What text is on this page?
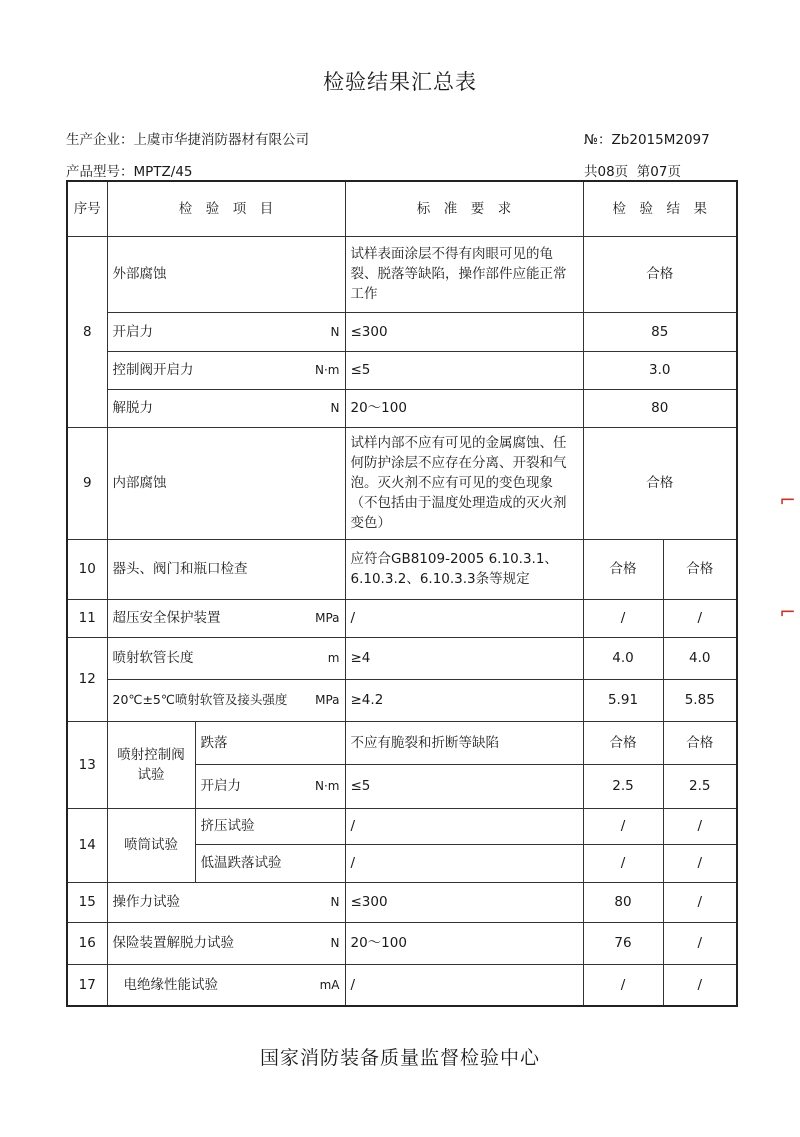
检验结果汇总表
生产企业：上虞市华捷消防器材有限公司	№：Zb2015M2097
产品型号：MPTZ/45	共08页 第07页
序号	检　验　项　目		标　准　要　求	检　验　结　果	
8	外部腐蚀		试样表面涂层不得有肉眼可见的龟裂、脱落等缺陷，操作部件应能正常工作	合格	
	开启力 N		≤300	85	
	控制阀开启力 N·m		≤5	3.0	
	解脱力 N		20～100	80	
9	内部腐蚀		试样内部不应有可见的金属腐蚀、任何防护涂层不应存在分离、开裂和气泡。灭火剂不应有可见的变色现象（不包括由于温度处理造成的灭火剂变色）	合格	
10	器头、阀门和瓶口检查		应符合GB8109-2005 6.10.3.1、6.10.3.2、6.10.3.3条等规定	合格	合格
11	超压安全保护装置 MPa		/	/	/
12	喷射软管长度 m		≥4	4.0	4.0
	20℃±5℃喷射软管及接头强度 MPa		≥4.2	5.91	5.85
13	喷射控制阀试验	跌落	不应有脆裂和折断等缺陷	合格	合格
		开启力 N·m	≤5	2.5	2.5
14	喷筒试验	挤压试验	/	/	/
		低温跌落试验	/	/	/
15	操作力试验 N		≤300	80	/
16	保险装置解脱力试验 N		20～100	76	/
17	电绝缘性能试验 mA		/	/	/
⌐
⌐
国家消防装备质量监督检验中心
